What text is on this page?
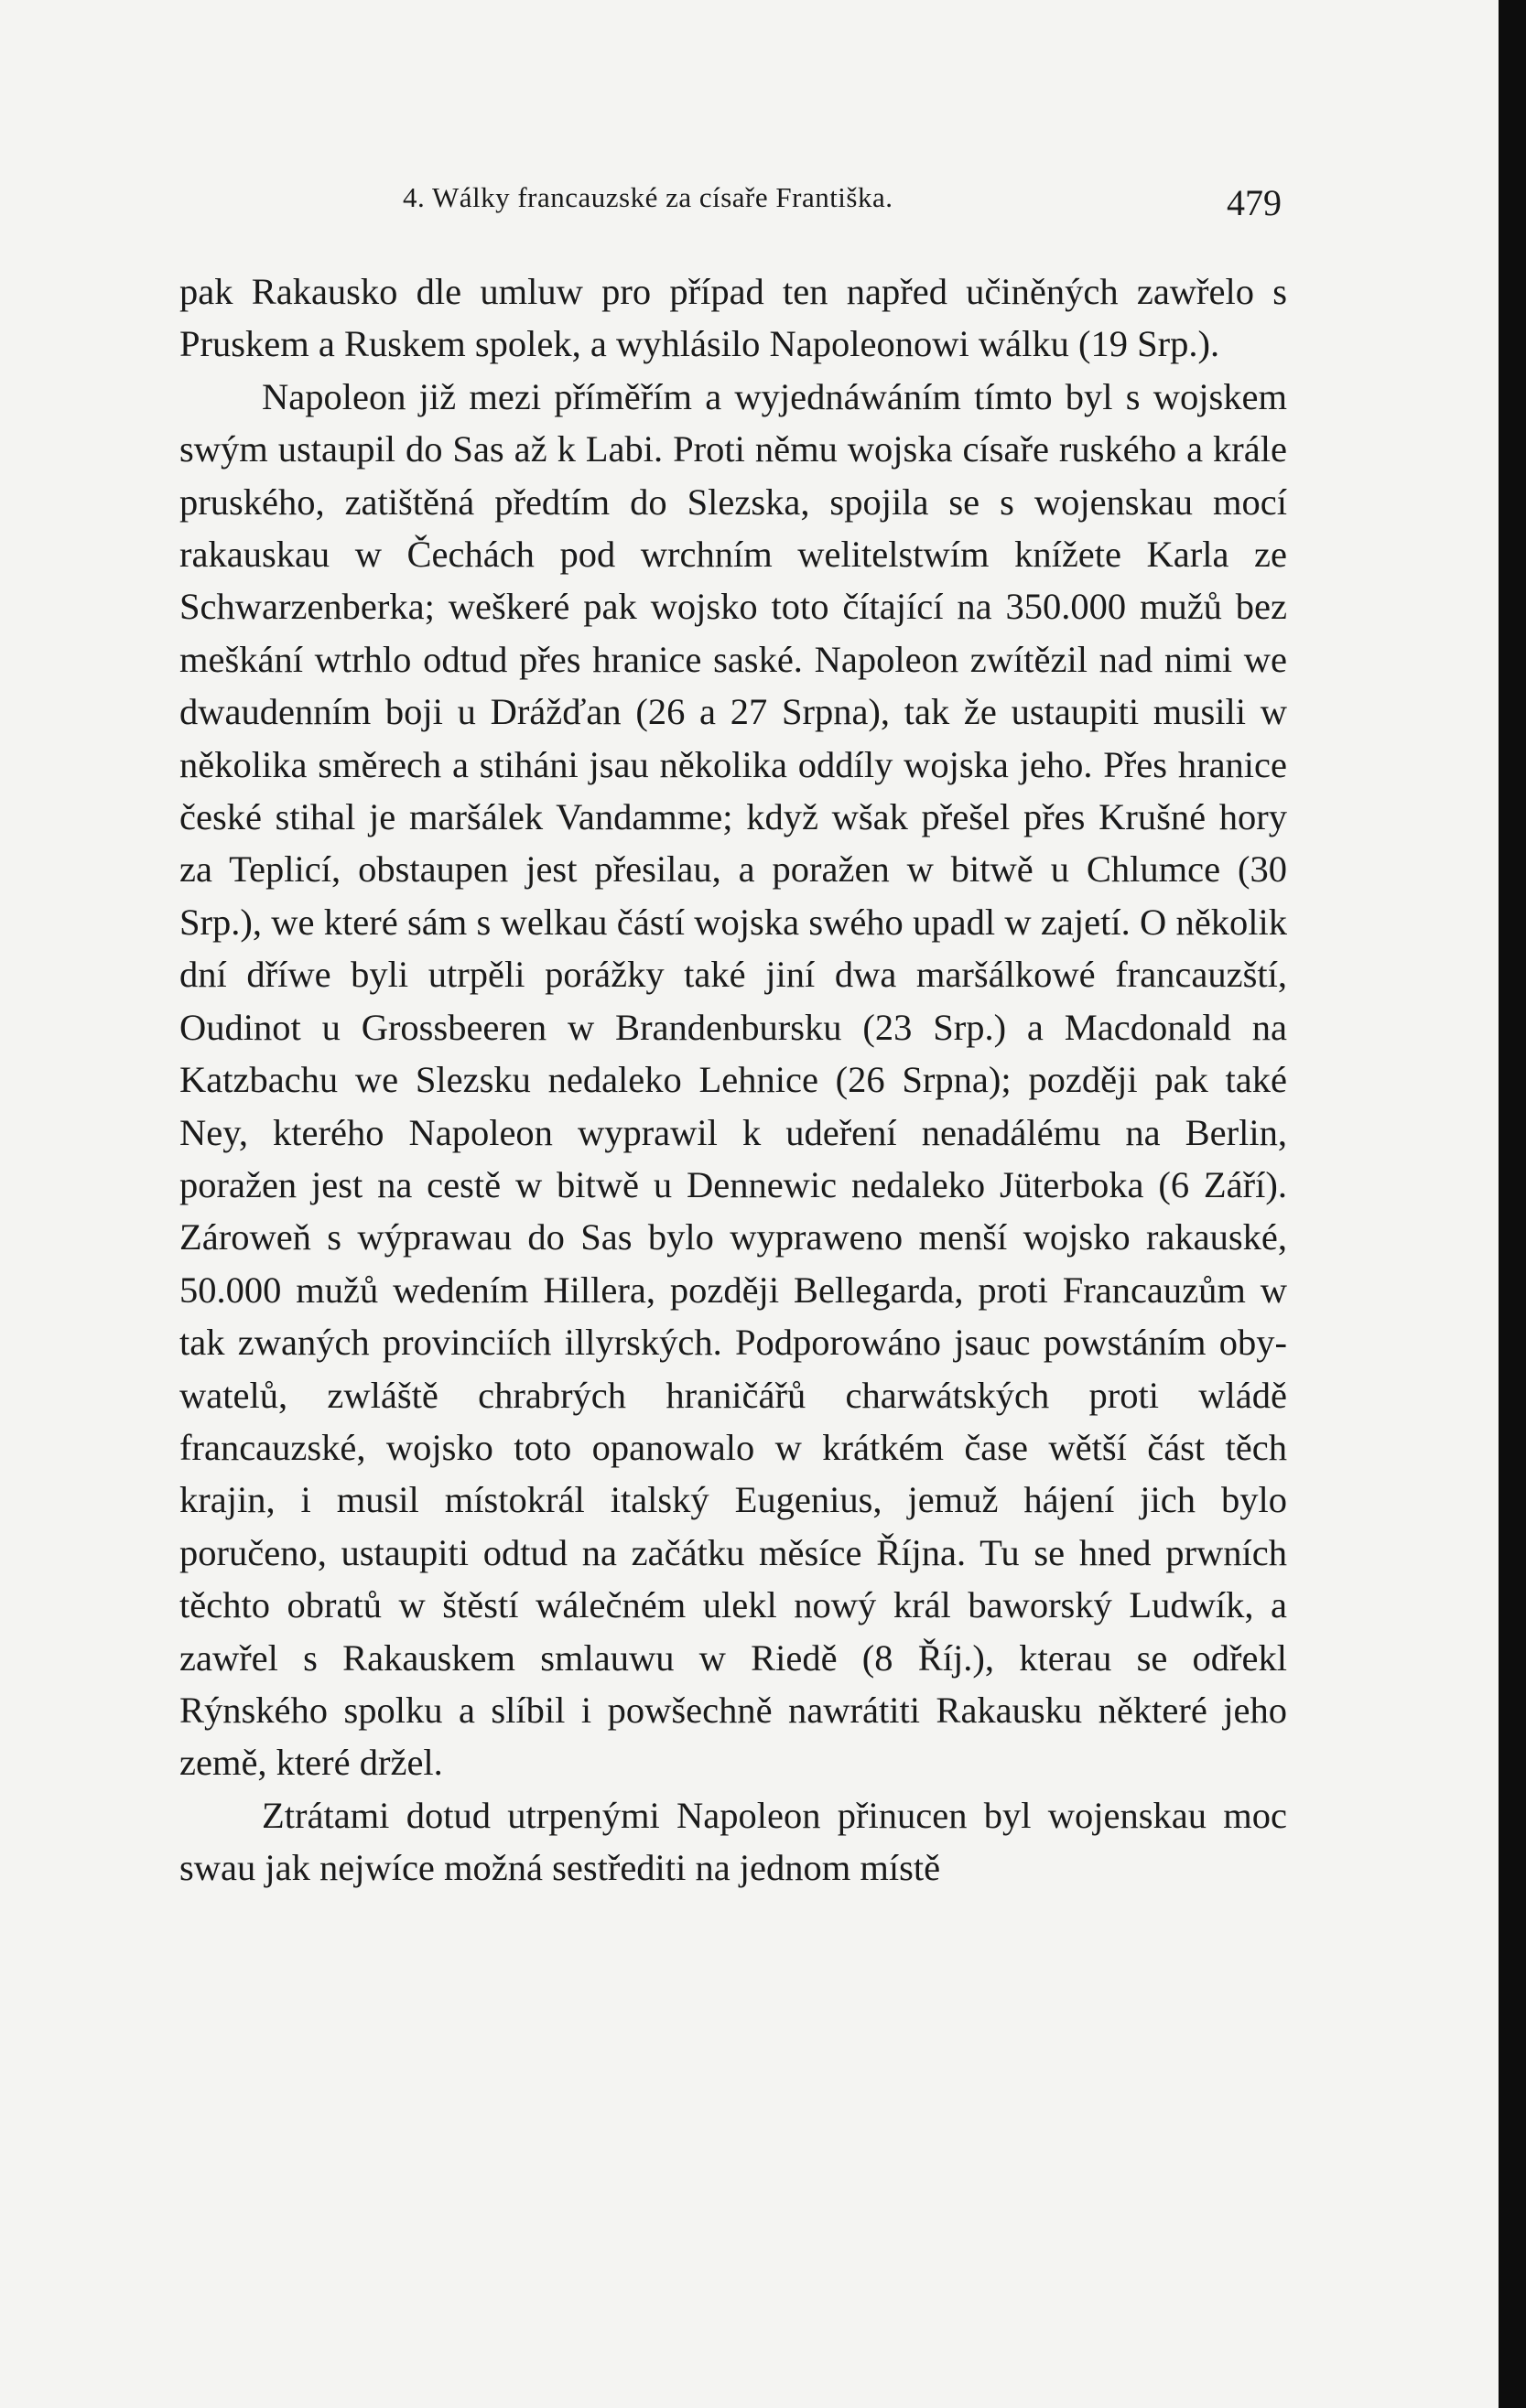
4. Wálky francauzské za císaře Františka.	479

pak Rakausko dle umluw pro případ ten napřed učiněných zawřelo s Pruskem a Ruskem spolek, a wyhlásilo Napoleonowi wálku (19 Srp.).

Napoleon již mezi příměřím a wyjednáwáním tímto byl s wojskem swým ustaupil do Sas až k Labi. Proti němu wojska císaře ruského a krále pruského, zatištěná předtím do Slezska, spojila se s wojenskau mocí rakauskau w Čechách pod wrchním welitelstwím knížete Karla ze Schwarzenberka; weškeré pak wojsko toto čítající na 350.000 mužů bez meškání wtrhlo odtud přes hranice saské. Napoleon zwítězil nad nimi we dwaudenním boji u Drážďan (26 a 27 Srpna), tak že ustaupiti musili w několika směrech a stiháni jsau několika oddíly wojska jeho. Přes hranice české stihal je maršálek Vandamme; když wšak přešel přes Krušné hory za Teplicí, obstaupen jest přesilau, a poražen w bitwě u Chlumce (30 Srp.), we které sám s welkau částí wojska swého upadl w zajetí. O několik dní dříwe byli utrpěli porážky také jiní dwa maršálkowé francauzští, Oudinot u Grossbeeren w Brandenbursku (23 Srp.) a Macdonald na Katzbachu we Slezsku nedaleko Lehnice (26 Srpna); později pak také Ney, kterého Napoleon wyprawil k udeření nenadálému na Berlin, poražen jest na cestě w bitwě u Dennewic nedaleko Jüterboka (6 Září). Zároweň s wýprawau do Sas bylo wypraweno menší wojsko rakauské, 50.000 mužů wedením Hillera, později Bellegarda, proti Francauzům w tak zwaných provinciích illyrských. Podporowáno jsauc powstáním obywatelů, zwláště chrabrých hraničářů charwátských proti wládě francauzské, wojsko toto opanowalo w krátkém čase wětší část těch krajin, i musil místokrál italský Eugenius, jemuž hájení jich bylo poručeno, ustaupiti odtud na začátku měsíce Října. Tu se hned prwních těchto obratů w štěstí wálečném ulekl nowý král baworský Ludwík, a zawřel s Rakauskem smlauwu w Riedě (8 Říj.), kterau se odřekl Rýnského spolku a slíbil i powšechně nawrátiti Rakausku některé jeho země, které držel.

Ztrátami dotud utrpenými Napoleon přinucen byl wojenskau moc swau jak nejwíce možná sestřediti na jednom místě
